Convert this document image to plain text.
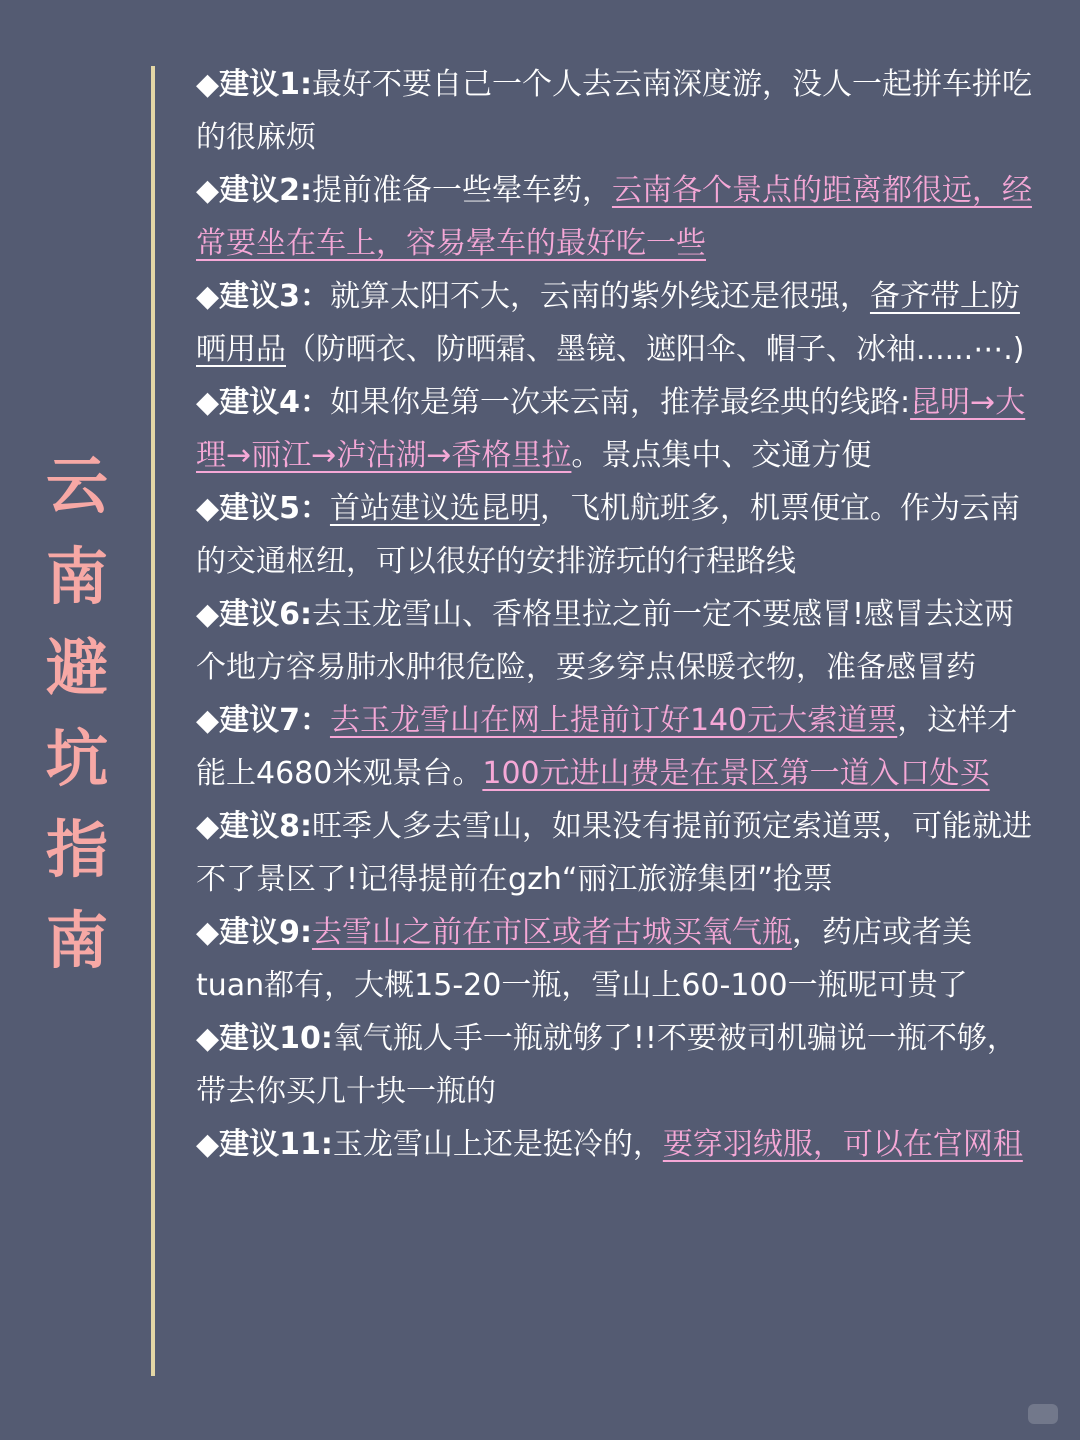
云
南
避
坑
指
南

◆建议1:最好不要自己一个人去云南深度游，没人一起拼车拼吃的很麻烦

◆建议2:提前准备一些晕车药，云南各个景点的距离都很远，经常要坐在车上，容易晕车的最好吃一些

◆建议3：就算太阳不大，云南的紫外线还是很强，备齐带上防晒用品（防晒衣、防晒霜、墨镜、遮阳伞、帽子、冰袖......⋯.)

◆建议4：如果你是第一次来云南，推荐最经典的线路:昆明→大理→丽江→泸沽湖→香格里拉。景点集中、交通方便

◆建议5：首站建议选昆明，飞机航班多，机票便宜。作为云南的交通枢纽，可以很好的安排游玩的行程路线

◆建议6:去玉龙雪山、香格里拉之前一定不要感冒!感冒去这两个地方容易肺水肿很危险，要多穿点保暖衣物，准备感冒药

◆建议7：去玉龙雪山在网上提前订好140元大索道票，这样才能上4680米观景台。100元进山费是在景区第一道入口处买

◆建议8:旺季人多去雪山，如果没有提前预定索道票，可能就进不了景区了!记得提前在gzh“丽江旅游集团”抢票

◆建议9:去雪山之前在市区或者古城买氧气瓶，药店或者美tuan都有，大概15-20一瓶，雪山上60-100一瓶呢可贵了

◆建议10:氧气瓶人手一瓶就够了!!不要被司机骗说一瓶不够，带去你买几十块一瓶的

◆建议11:玉龙雪山上还是挺冷的，要穿羽绒服，可以在官网租
